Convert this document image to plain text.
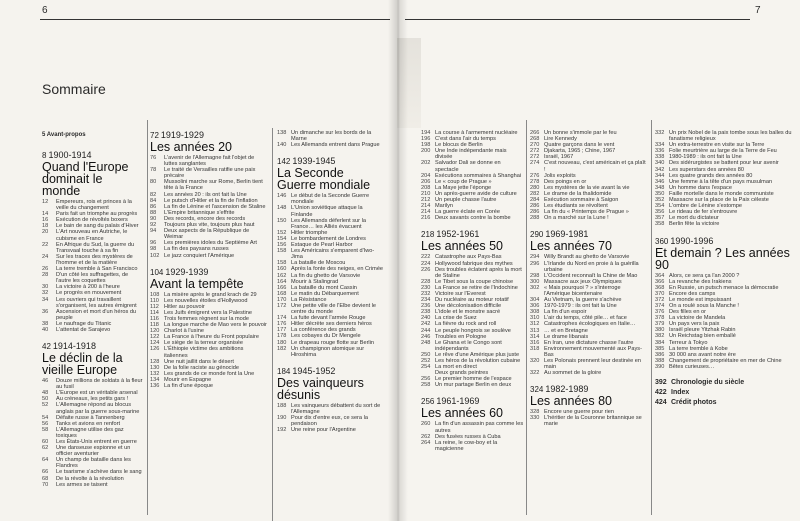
6
Sommaire
5 Avant-propos
8 1900-1914
Quand l'Europe dominait le monde
12	Empereurs, rois et princes à la veille du changement
14	Paris fait un triomphe au progrès
16	Exécution de révoltés boxers
18	Le bain de sang du palais d'Hiver
20	L'Art nouveau en Autriche, le cubisme en France
22	En Afrique du Sud, la guerre du Transvaal touche à sa fin
24	Sur les traces des mystères de l'homme et de la matière
26	La terre tremble à San Francisco
28	D'un côté les suffragettes, de l'autre les coquettes
30	La victoire à 200 à l'heure
32	Le progrès en mouvement
34	Les ouvriers qui travaillent s'organisent, les autres émigrent
36	Ascension et mort d'un héros du peuple
38	Le naufrage du Titanic
40	L'attentat de Sarajevo
42 1914-1918
Le déclin de la vieille Europe
46	Douze millions de soldats à la fleur au fusil
48	L'Europe est un véritable arsenal
50	Au créneaux, les petits gars !
52	L'Allemagne répond au blocus anglais par la guerre sous-marine
54	Défaite russe à Tannenberg
56	Tanks et avions en renfort
58	L'Allemagne utilise des gaz toxiques
60	Les États-Unis entrent en guerre
62	Une danseuse espionne et un officier aventurier
64	Un champ de bataille dans les Flandres
66	Le tsarisme s'achève dans le sang
68	De la révolte à la révolution
70	Les armes se taisent
72 1919-1929
Les années 20
76	L'avenir de l'Allemagne fait l'objet de luttes sanglantes
78	Le traité de Versailles ratifie une paix précaire
80	Mussolini marche sur Rome, Berlin tient tête à la France
82	Les années 20 : ils ont fait la Une
84	Le putsch d'Hitler et la fin de l'inflation
86	La fin de Lénine et l'ascension de Staline
88	L'Empire britannique s'effrite
90	Des records, encore des records
92	Toujours plus vite, toujours plus haut
94	Deux aspects de la République de Weimar
96	Les premières idoles du Septième Art
98	La fin des paysans russes
102 Le jazz conquiert l'Amérique
104 1929-1939
Avant la tempête
108 La misère après le grand krach de 29
110 Les nouvelles étoiles d'Hollywood
112 Hitler au pouvoir
114 Les Juifs émigrent vers la Palestine
116 Trois femmes règnent sur la mode
118 La longue marche de Mao vers le pouvoir
120 Charlot à l'usine
122 La France à l'heure du Front populaire
124 Le siège de la terreur organisée
126 L'Éthiopie victime des ambitions italiennes
128 Une nuit jaillit dans le désert
130 De la folie raciste au génocide
132 Les grands de ce monde font la Une
134 Mourir en Espagne
136 La fin d'une époque
138 Un dimanche sur les bords de la Marne
140 Les Allemands entrent dans Prague
142 1939-1945
La Seconde Guerre mondiale
146 Le début de la Seconde Guerre mondiale
148 L'Union soviétique attaque la Finlande
150 Les Allemands déferlent sur la France… les Alliés évacuent
152 Hitler triomphe
154 Le bombardement de Londres
156 Estaque de Pearl Harbor
158 Les Américains s'emparent d'Iwo-Jima
158 La bataille de Moscou
160 Après la fonte des neiges, en Crimée
162 La fin du ghetto de Varsovie
164 Mourir à Stalingrad
166 La bataille du mont Cassin
168 Le matin du Débarquement
170 La Résistance
172 Une petite ville de l'Elbe devient le centre du monde
174 La fuite devant l'armée Rouge
176 Hitler décrète ses derniers héros
177 La conférence des grands
178 Les cobayes du Dr Mengele
180 Le drapeau rouge flotte sur Berlin
182 Un champignon atomique sur Hiroshima
184 1945-1952
Des vainqueurs désunis
188 Les vainqueurs débattent du sort de l'Allemagne
190 Pour dix d'entre eux, ce sera la pendaison
192 Une reine pour l'Argentine
7
194 La course à l'armement nucléaire
196 C'est dans l'air du temps
198 Le blocus de Berlin
200 Une Inde indépendante mais divisée
202 Salvador Dali se donne en spectacle
204 Exécutions sommaires à Shanghai
206 Le « coup de Prague »
208 La Maye jette l'éponge
210 Un après-guerre avide de culture
212 Un peuple chasse l'autre
214 Marilyn
214 La guerre éclate en Corée
216 Deux savants contre la bombe
218 1952-1961
Les années 50
222 Catastrophe aux Pays-Bas
224 Hollywood fabrique des mythes
226 Des troubles éclatent après la mort de Staline
228 Le Tibet sous la coupe chinoise
230 La France se retire de l'Indochine
232 Victoire sur l'Everest
234 Du nucléaire au moteur rotatif
236 Une décolonisation difficile
238 L'idole et le monstre sacré
240 La crise de Suez
242 La fièvre du rock and roll
244 Le peuple hongrois se soulève
246 Troubles en Pologne
248 Le Ghana et le Congo sont indépendants
250 Le rêve d'une Amérique plus juste
252 Les héros de la révolution cubaine
254 La mort en direct
Deux grands peintres
256 Le premier homme de l'espace
258 Un mur partage Berlin en deux
256 1961-1969
Les années 60
260 La fin d'un assassin pas comme les autres
262 Des fusées russes à Cuba
264 La reine, le cow-boy et la magicienne
266 Un bonne s'immole par le feu
268 Lire Kennedy
270 Quatre garçons dans le vent
272 Djakarta, 1965 ; Chine, 1967
272 Israël, 1967
274 C'est nouveau, c'est américain et ça plaît !
276 Jolis exploits
278 Des poings en or
280 Les mystères de la vie avant la vie
282 Le drame de la thalidomide
284 Exécution sommaire à Saigon
286 Les étudiants se révoltent
286 La fin du « Printemps de Prague »
288 On a marché sur la Lune !
290 1969-1981
Les années 70
294 Willy Brandt au ghetto de Varsovie
296 L'Irlande du Nord en proie à la guérilla urbaine
298 L'Occident reconnaît la Chine de Mao
300 Massacre aux jeux Olympiques
302 « Mais pourquoi ? » s'interroge l'Amérique bicentenaire
304 Au Vietnam, la guerre s'achève
306 1970-1979 : ils ont fait la Une
308 La fin d'un espoir
310 L'air du temps, côté pile… et face
312 Catastrophes écologiques en Italie…
313 … et en Bretagne
314 Le drame libanais
316 En Iran, une dictature chasse l'autre
318 Environnement mouvementé aux Pays-Bas
320 Les Polonais prennent leur destinée en main
322 Au sommet de la gloire
324 1982-1989
Les années 80
328 Encore une guerre pour rien
330 L'héritier de la Couronne britannique se marie
332 Un prix Nobel de la paix tombe sous les balles du fanatisme religieux
334 Un extra-terrestre en visite sur la Terre
336 Folie meurtrière au large de la Terre de Feu
338 1980-1989 : ils ont fait la Une
340 Des sidérurgistes se battent pour leur avenir
342 Les superstars des années 80
344 Les quatre grands des années 80
346 Une femme à la tête d'un pays musulman
348 Un homme dans l'espace
350 Faille mortelle dans le monde communiste
352 Massacre sur la place de la Paix céleste
354 L'ombre de Lénine s'estompe
356 Le rideau de fer s'entrouvre
357 Le mort du dictateur
358 Berlin fête la victoire
360 1990-1996
Et demain ? Les années 90
364 Alors, ce sera ça l'an 2000 ?
366 La revanche des Irakiens
368 En Russie, un putsch menace la démocratie
370 Encore des camps
372 Le monde est impuissant
374 On a roulé sous la Manche !
376 Des filles en or
378 La victoire de Mandela
379 Un pays vers la paix
380 Israël pleure Yitzhak Rabin
382 Un Reichstag bien emballé
384 Terreur à Tokyo
385 La terre tremble à Kobe
386 30 000 ans avant notre ère
388 Changement de propriétaire en mer de Chine
390 Bêtes curieuses…
392 Chronologie du siècle
422 Index
424 Crédit photos
